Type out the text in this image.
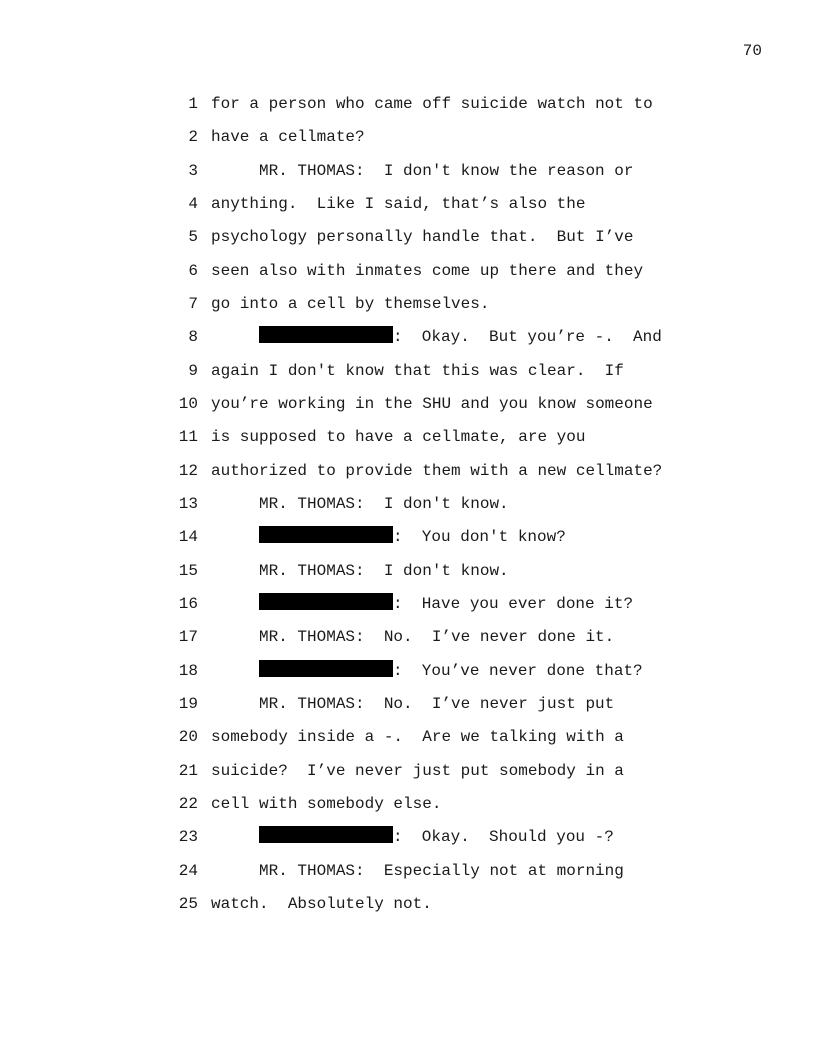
70
1 for a person who came off suicide watch not to
2 have a cellmate?
3	MR. THOMAS:  I don't know the reason or
4 anything.  Like I said, that’s also the
5 psychology personally handle that.  But I’ve
6 seen also with inmates come up there and they
7 go into a cell by themselves.
8	:  Okay.  But you’re -.  And
9 again I don't know that this was clear.  If
10 you’re working in the SHU and you know someone
11 is supposed to have a cellmate, are you
12 authorized to provide them with a new cellmate?
13	MR. THOMAS:  I don't know.
14	:  You don't know?
15	MR. THOMAS:  I don't know.
16	:  Have you ever done it?
17	MR. THOMAS:  No.  I’ve never done it.
18	:  You’ve never done that?
19	MR. THOMAS:  No.  I’ve never just put
20 somebody inside a -.  Are we talking with a
21 suicide?  I’ve never just put somebody in a
22 cell with somebody else.
23	:  Okay.  Should you -?
24	MR. THOMAS:  Especially not at morning
25 watch.  Absolutely not.
